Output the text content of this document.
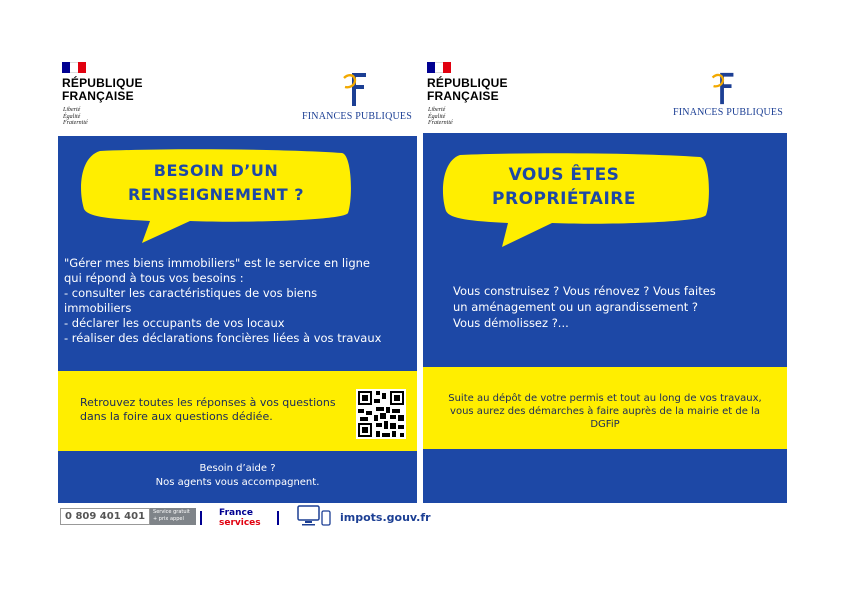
RÉPUBLIQUE
FRANÇAISE
Liberté
Égalité
Fraternité
FINANCES PUBLIQUES
BESOIN D’UN
RENSEIGNEMENT ?
"Gérer mes biens immobiliers" est le service en ligne
qui répond à tous vos besoins :
- consulter les caractéristiques de vos biens
immobiliers
- déclarer les occupants de vos locaux
- réaliser des déclarations foncières liées à vos travaux
Retrouvez toutes les réponses à vos questions
dans la foire aux questions dédiée.
Besoin d’aide ?
Nos agents vous accompagnent.
0 809 401 401	Service gratuit
+ prix appel
France
services	impots.gouv.fr
RÉPUBLIQUE
FRANÇAISE
Liberté
Égalité
Fraternité
FINANCES PUBLIQUES
VOUS ÊTES
PROPRIÉTAIRE
Vous construisez ? Vous rénovez ? Vous faites
un aménagement ou un agrandissement ?
Vous démolissez ?...
Suite au dépôt de votre permis et tout au long de vos travaux,
vous aurez des démarches à faire auprès de la mairie et de la
DGFiP
